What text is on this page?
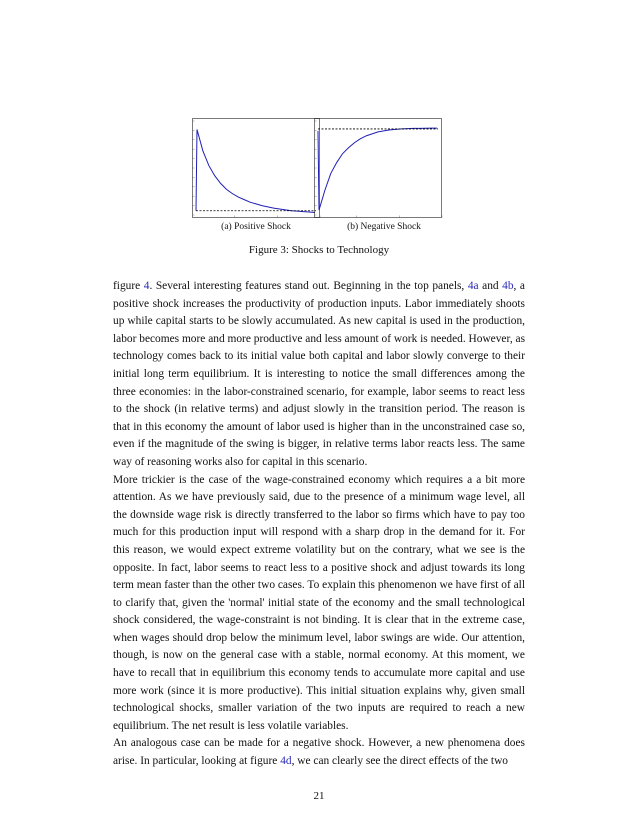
(a) Positive Shock	(b) Negative Shock
Figure 3: Shocks to Technology

figure 4. Several interesting features stand out. Beginning in the top panels, 4a and 4b, a positive shock increases the productivity of production inputs. Labor immediately shoots up while capital starts to be slowly accumulated. As new capital is used in the production, labor becomes more and more productive and less amount of work is needed. However, as technology comes back to its initial value both capital and labor slowly converge to their initial long term equilibrium. It is interesting to notice the small differences among the three economies: in the labor-constrained scenario, for example, labor seems to react less to the shock (in relative terms) and adjust slowly in the transition period. The reason is that in this economy the amount of labor used is higher than in the unconstrained case so, even if the magnitude of the swing is bigger, in relative terms labor reacts less. The same way of reasoning works also for capital in this scenario.

More trickier is the case of the wage-constrained economy which requires a a bit more attention. As we have previously said, due to the presence of a minimum wage level, all the downside wage risk is directly transferred to the labor so firms which have to pay too much for this production input will respond with a sharp drop in the demand for it. For this reason, we would expect extreme volatility but on the contrary, what we see is the opposite. In fact, labor seems to react less to a positive shock and adjust towards its long term mean faster than the other two cases. To explain this phenomenon we have first of all to clarify that, given the 'normal' initial state of the economy and the small technological shock considered, the wage-constraint is not binding. It is clear that in the extreme case, when wages should drop below the minimum level, labor swings are wide. Our attention, though, is now on the general case with a stable, normal economy. At this moment, we have to recall that in equilibrium this economy tends to accumulate more capital and use more work (since it is more productive). This initial situation explains why, given small technological shocks, smaller variation of the two inputs are required to reach a new equilibrium. The net result is less volatile variables.

An analogous case can be made for a negative shock. However, a new phenomena does arise. In particular, looking at figure 4d, we can clearly see the direct effects of the two

21
